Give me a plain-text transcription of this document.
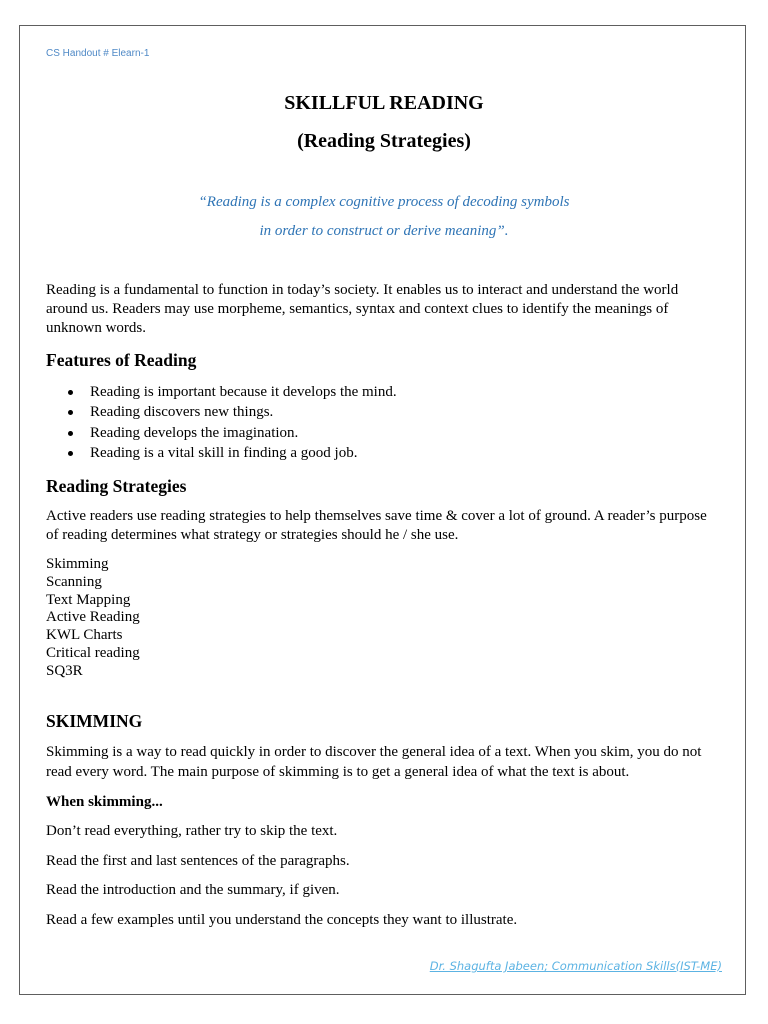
CS Handout # Elearn-1
SKILLFUL READING
(Reading Strategies)

“Reading is a complex cognitive process of decoding symbols

in order to construct or derive meaning”.

Reading is a fundamental to function in today’s society. It enables us to interact and understand the world around us. Readers may use morpheme, semantics, syntax and context clues to identify the meanings of unknown words.

Features of Reading
Reading is important because it develops the mind.
Reading discovers new things.
Reading develops the imagination.
Reading is a vital skill in finding a good job.
Reading Strategies

Active readers use reading strategies to help themselves save time & cover a lot of ground. A reader’s purpose of reading determines what strategy or strategies should he / she use.

Skimming
Scanning
Text Mapping
Active Reading
KWL Charts
Critical reading
SQ3R
SKIMMING

Skimming is a way to read quickly in order to discover the general idea of a text. When you skim, you do not read every word. The main purpose of skimming is to get a general idea of what the text is about.

When skimming...

Don’t read everything, rather try to skip the text.

Read the first and last sentences of the paragraphs.

Read the introduction and the summary, if given.

Read a few examples until you understand the concepts they want to illustrate.

Dr. Shagufta Jabeen; Communication Skills(IST-ME)
